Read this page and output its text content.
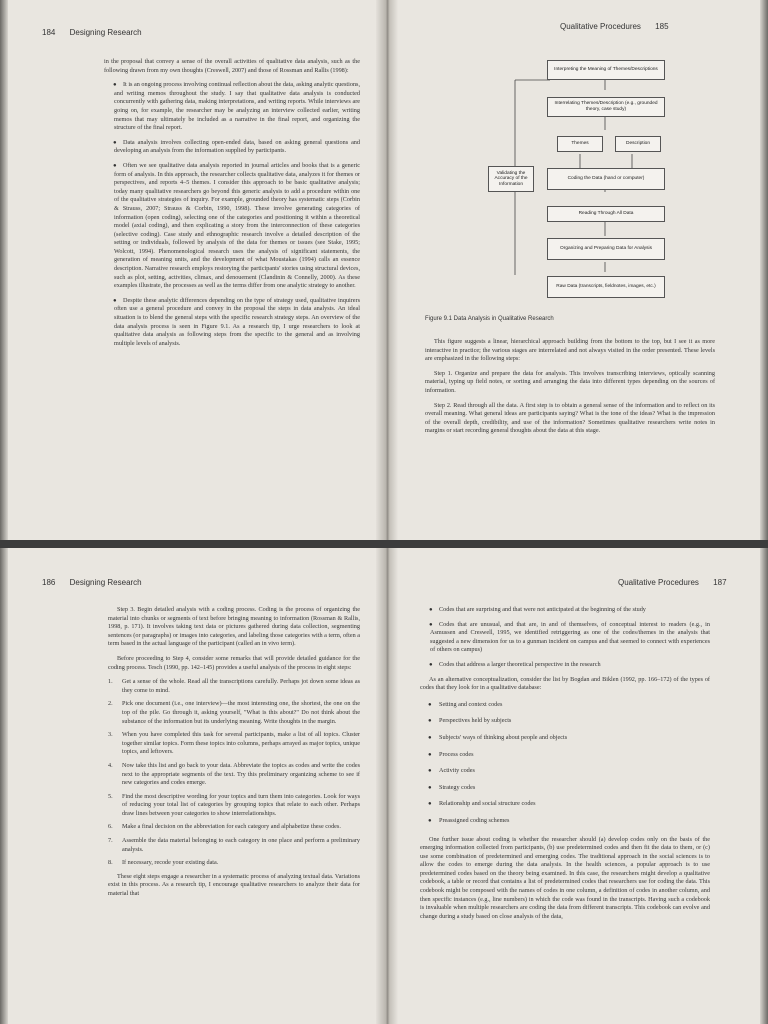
184 Designing Research
Qualitative Procedures 185

in the proposal that convey a sense of the overall activities of qualitative data analysis, such as the following drawn from my own thoughts (Creswell, 2007) and those of Rossman and Rallis (1998):

● It is an ongoing process involving continual reflection about the data, asking analytic questions, and writing memos throughout the study. I say that qualitative data analysis is conducted concurrently with gathering data, making interpretations, and writing reports. While interviews are going on, for example, the researcher may be analyzing an interview collected earlier, writing memos that may ultimately be included as a narrative in the final report, and organizing the structure of the final report.

● Data analysis involves collecting open-ended data, based on asking general questions and developing an analysis from the information supplied by participants.

● Often we see qualitative data analysis reported in journal articles and books that is a generic form of analysis. In this approach, the researcher collects qualitative data, analyzes it for themes or perspectives, and reports 4–5 themes. I consider this approach to be basic qualitative analysis; today many qualitative researchers go beyond this generic analysis to add a procedure within one of the qualitative strategies of inquiry. For example, grounded theory has systematic steps (Corbin & Strauss, 2007; Strauss & Corbin, 1990, 1998). These involve generating categories of information (open coding), selecting one of the categories and positioning it within a theoretical model (axial coding), and then explicating a story from the interconnection of these categories (selective coding). Case study and ethnographic research involve a detailed description of the setting or individuals, followed by analysis of the data for themes or issues (see Stake, 1995; Wolcott, 1994). Phenomenological research uses the analysis of significant statements, the generation of meaning units, and the development of what Moustakas (1994) calls an essence description. Narrative research employs restorying the participants' stories using structural devices, such as plot, setting, activities, climax, and denouement (Clandinin & Connelly, 2000). As these examples illustrate, the processes as well as the terms differ from one analytic strategy to another.

● Despite these analytic differences depending on the type of strategy used, qualitative inquirers often use a general procedure and convey in the proposal the steps in data analysis. An ideal situation is to blend the general steps with the specific research strategy steps. An overview of the data analysis process is seen in Figure 9.1. As a research tip, I urge researchers to look at qualitative data analysis as following steps from the specific to the general and as involving multiple levels of analysis.

Interpreting the Meaning of Themes/Descriptions
Interrelating Themes/Description (e.g., grounded theory, case study)
Themes	Description
Validating the Accuracy of the Information
Coding the Data (hand or computer)
Reading Through All Data
Organizing and Preparing Data for Analysis
Raw Data (transcripts, fieldnotes, images, etc.)
Figure 9.1 Data Analysis in Qualitative Research

This figure suggests a linear, hierarchical approach building from the bottom to the top, but I see it as more interactive in practice; the various stages are interrelated and not always visited in the order presented. These levels are emphasized in the following steps:

Step 1. Organize and prepare the data for analysis. This involves transcribing interviews, optically scanning material, typing up field notes, or sorting and arranging the data into different types depending on the sources of information.

Step 2. Read through all the data. A first step is to obtain a general sense of the information and to reflect on its overall meaning. What general ideas are participants saying? What is the tone of the ideas? What is the impression of the overall depth, credibility, and use of the information? Sometimes qualitative researchers write notes in margins or start recording general thoughts about the data at this stage.

186 Designing Research	Qualitative Procedures 187

Step 3. Begin detailed analysis with a coding process. Coding is the process of organizing the material into chunks or segments of text before bringing meaning to information (Rossman & Rallis, 1998, p. 171). It involves taking text data or pictures gathered during data collection, segmenting sentences (or paragraphs) or images into categories, and labeling those categories with a term, often a term based in the actual language of the participant (called an in vivo term).

Before proceeding to Step 4, consider some remarks that will provide detailed guidance for the coding process. Tesch (1990, pp. 142–145) provides a useful analysis of the process in eight steps:

1. Get a sense of the whole. Read all the transcriptions carefully. Perhaps jot down some ideas as they come to mind.
2. Pick one document (i.e., one interview)—the most interesting one, the shortest, the one on the top of the pile. Go through it, asking yourself, "What is this about?" Do not think about the substance of the information but its underlying meaning. Write thoughts in the margin.
3. When you have completed this task for several participants, make a list of all topics. Cluster together similar topics. Form these topics into columns, perhaps arrayed as major topics, unique topics, and leftovers.
4. Now take this list and go back to your data. Abbreviate the topics as codes and write the codes next to the appropriate segments of the text. Try this preliminary organizing scheme to see if new categories and codes emerge.
5. Find the most descriptive wording for your topics and turn them into categories. Look for ways of reducing your total list of categories by grouping topics that relate to each other. Perhaps draw lines between your categories to show interrelationships.
6. Make a final decision on the abbreviation for each category and alphabetize these codes.
7. Assemble the data material belonging to each category in one place and perform a preliminary analysis.
8. If necessary, recode your existing data.

These eight steps engage a researcher in a systematic process of analyzing textual data. Variations exist in this process. As a research tip, I encourage qualitative researchers to analyze their data for material that

● Codes that are surprising and that were not anticipated at the beginning of the study

● Codes that are unusual, and that are, in and of themselves, of conceptual interest to readers (e.g., in Asmussen and Creswell, 1995, we identified retriggering as one of the codes/themes in the analysis that suggested a new dimension for us to a gunman incident on campus and that seemed to connect with experiences of others on campus)

● Codes that address a larger theoretical perspective in the research

As an alternative conceptualization, consider the list by Bogdan and Biklen (1992, pp. 166–172) of the types of codes that they look for in a qualitative database:

● Setting and context codes
● Perspectives held by subjects
● Subjects' ways of thinking about people and objects
● Process codes
● Activity codes
● Strategy codes
● Relationship and social structure codes
● Preassigned coding schemes

One further issue about coding is whether the researcher should (a) develop codes only on the basis of the emerging information collected from participants, (b) use predetermined codes and then fit the data to them, or (c) use some combination of predetermined and emerging codes. The traditional approach in the social sciences is to allow the codes to emerge during the data analysis. In the health sciences, a popular approach is to use predetermined codes based on the theory being examined. In this case, the researchers might develop a qualitative codebook, a table or record that contains a list of predetermined codes that researchers use for coding the data. This codebook might be composed with the names of codes in one column, a definition of codes in another column, and then specific instances (e.g., line numbers) in which the code was found in the transcripts. Having such a codebook is invaluable when multiple researchers are coding the data from different transcripts. This codebook can evolve and change during a study based on close analysis of the data,
